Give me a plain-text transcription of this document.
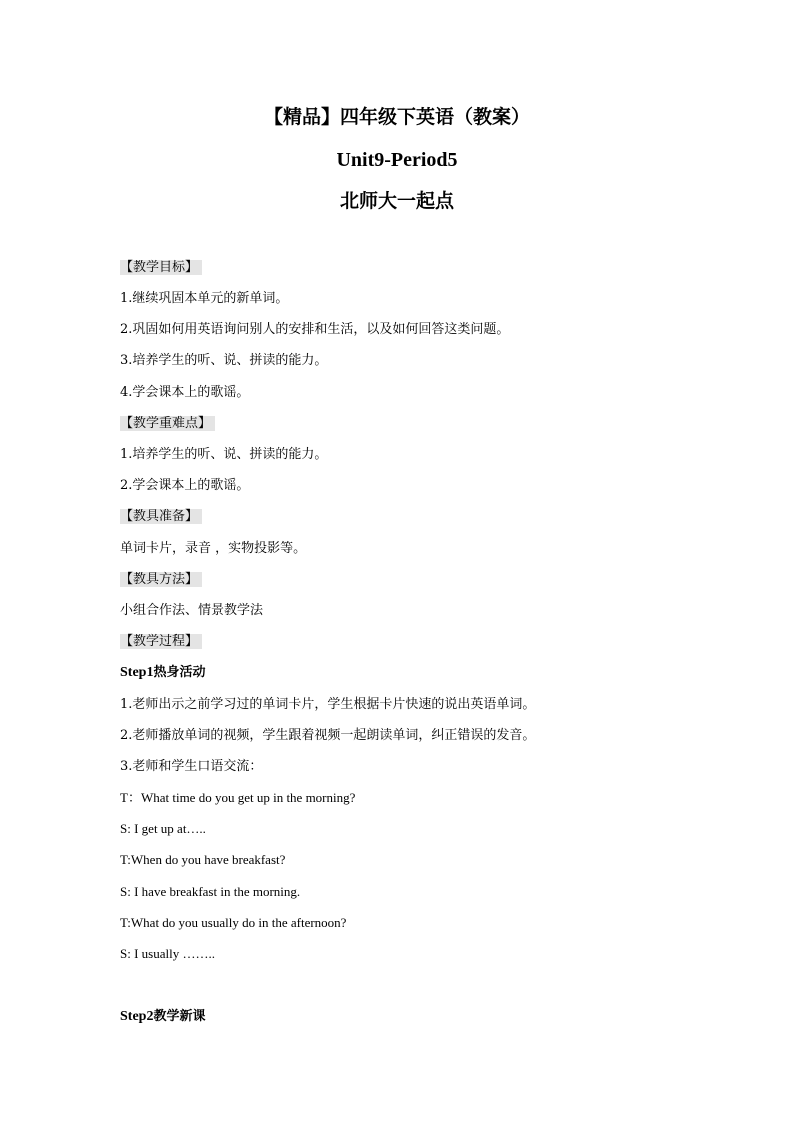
【精品】四年级下英语（教案）
Unit9-Period5
北师大一起点
【教学目标】
1.继续巩固本单元的新单词。
2.巩固如何用英语询问别人的安排和生活，以及如何回答这类问题。
3.培养学生的听、说、拼读的能力。
4.学会课本上的歌谣。
【教学重难点】
1.培养学生的听、说、拼读的能力。
2.学会课本上的歌谣。
【教具准备】
单词卡片，录音 ，实物投影等。
【教具方法】
小组合作法、情景教学法
【教学过程】
Step1热身活动
1.老师出示之前学习过的单词卡片，学生根据卡片快速的说出英语单词。
2.老师播放单词的视频，学生跟着视频一起朗读单词，纠正错误的发音。
3.老师和学生口语交流：
T：What time do you get up in the morning?
S: I get up at…..
T:When do you have breakfast?
S: I have breakfast in the morning.
T:What do you usually do in the afternoon?
S: I usually ……..
Step2教学新课
